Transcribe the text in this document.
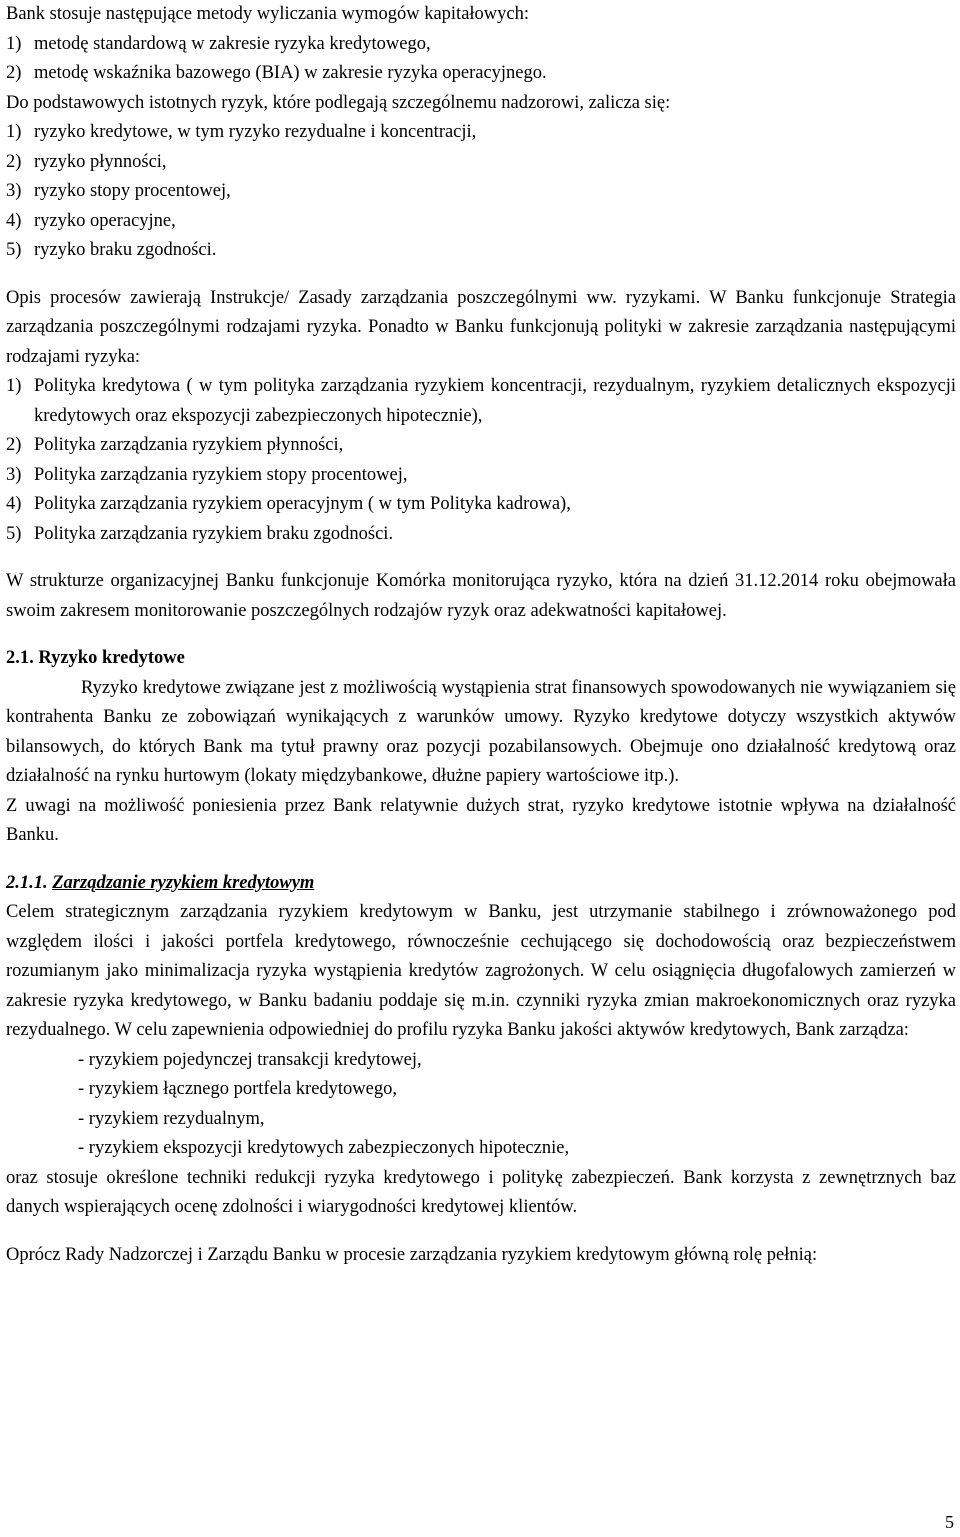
Bank stosuje następujące metody wyliczania wymogów kapitałowych:

1) metodę standardową w zakresie ryzyka kredytowego,
2) metodę wskaźnika bazowego (BIA) w zakresie ryzyka operacyjnego.

Do podstawowych istotnych ryzyk, które podlegają szczególnemu nadzorowi, zalicza się:

1) ryzyko kredytowe, w tym ryzyko rezydualne i koncentracji,
2) ryzyko płynności,
3) ryzyko stopy procentowej,
4) ryzyko operacyjne,
5) ryzyko braku zgodności.

Opis procesów zawierają Instrukcje/ Zasady zarządzania poszczególnymi ww. ryzykami. W Banku funkcjonuje Strategia zarządzania poszczególnymi rodzajami ryzyka. Ponadto w Banku funkcjonują polityki w zakresie zarządzania następującymi rodzajami ryzyka:

1) Polityka kredytowa ( w tym polityka zarządzania ryzykiem koncentracji, rezydualnym, ryzykiem detalicznych ekspozycji kredytowych oraz ekspozycji zabezpieczonych hipotecznie),
2) Polityka zarządzania ryzykiem płynności,
3) Polityka zarządzania ryzykiem stopy procentowej,
4) Polityka zarządzania ryzykiem operacyjnym ( w tym Polityka kadrowa),
5) Polityka zarządzania ryzykiem braku zgodności.

W strukturze organizacyjnej Banku funkcjonuje Komórka monitorująca ryzyko, która na dzień 31.12.2014 roku obejmowała swoim zakresem monitorowanie poszczególnych rodzajów ryzyk oraz adekwatności kapitałowej.

2.1. Ryzyko kredytowe

Ryzyko kredytowe związane jest z możliwością wystąpienia strat finansowych spowodowanych nie wywiązaniem się kontrahenta Banku ze zobowiązań wynikających z warunków umowy. Ryzyko kredytowe dotyczy wszystkich aktywów bilansowych, do których Bank ma tytuł prawny oraz pozycji pozabilansowych. Obejmuje ono działalność kredytową oraz działalność na rynku hurtowym (lokaty międzybankowe, dłużne papiery wartościowe itp.).

Z uwagi na możliwość poniesienia przez Bank relatywnie dużych strat, ryzyko kredytowe istotnie wpływa na działalność Banku.

2.1.1. Zarządzanie ryzykiem kredytowym

Celem strategicznym zarządzania ryzykiem kredytowym w Banku, jest utrzymanie stabilnego i zrównoważonego pod względem ilości i jakości portfela kredytowego, równocześnie cechującego się dochodowością oraz bezpieczeństwem rozumianym jako minimalizacja ryzyka wystąpienia kredytów zagrożonych. W celu osiągnięcia długofalowych zamierzeń w zakresie ryzyka kredytowego, w Banku badaniu poddaje się m.in. czynniki ryzyka zmian makroekonomicznych oraz ryzyka rezydualnego. W celu zapewnienia odpowiedniej do profilu ryzyka Banku jakości aktywów kredytowych, Bank zarządza:

- ryzykiem pojedynczej transakcji kredytowej,

- ryzykiem łącznego portfela kredytowego,

- ryzykiem rezydualnym,

- ryzykiem ekspozycji kredytowych zabezpieczonych hipotecznie,

oraz stosuje określone techniki redukcji ryzyka kredytowego i politykę zabezpieczeń. Bank korzysta z zewnętrznych baz danych wspierających ocenę zdolności i wiarygodności kredytowej klientów.

Oprócz Rady Nadzorczej i Zarządu Banku w procesie zarządzania ryzykiem kredytowym główną rolę pełnią:

5
